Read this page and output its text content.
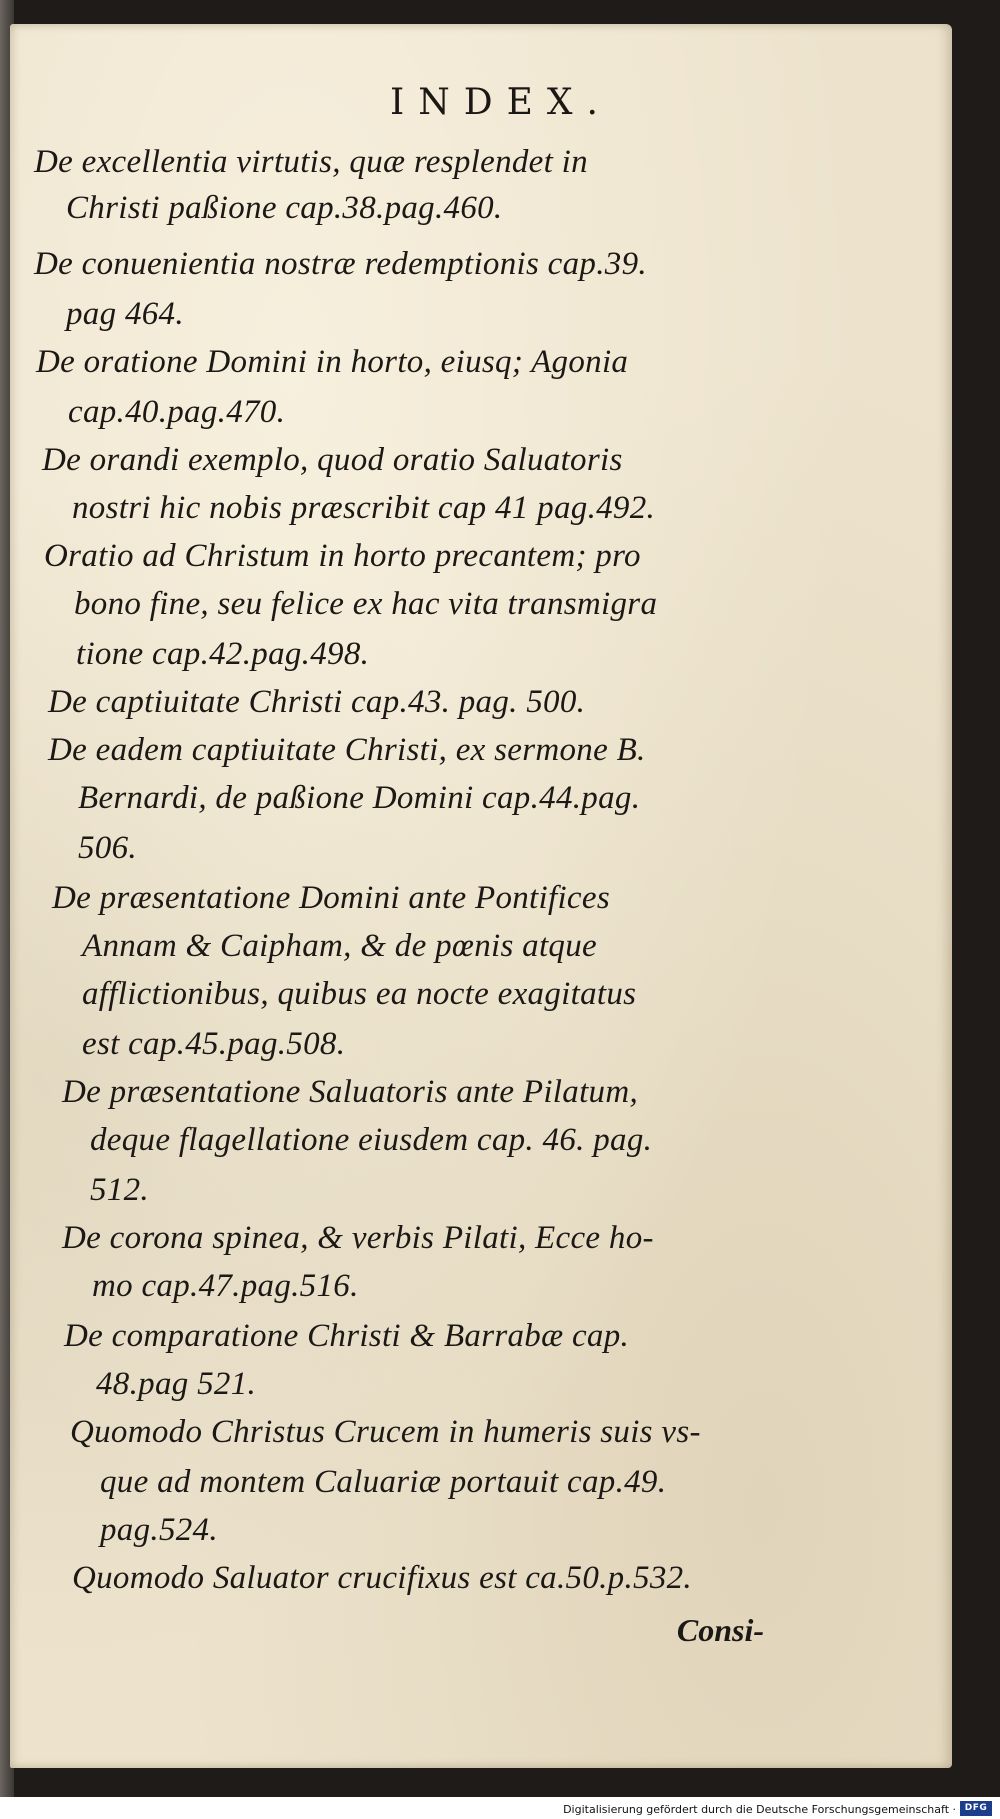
INDEX.
De excellentia virtutis, quæ resplendet in
Christi paßione cap.38.pag.460.
De conuenientia nostræ redemptionis cap.39.
pag 464.
De oratione Domini in horto, eiusq; Agonia
cap.40.pag.470.
De orandi exemplo, quod oratio Saluatoris
nostri hic nobis præscribit cap 41 pag.492.
Oratio ad Christum in horto precantem; pro
bono fine, seu felice ex hac vita transmigra
tione cap.42.pag.498.
De captiuitate Christi cap.43. pag. 500.
De eadem captiuitate Christi, ex sermone B.
Bernardi, de paßione Domini cap.44.pag.
506.
De præsentatione Domini ante Pontifices
Annam & Caipham, & de pœnis atque
afflictionibus, quibus ea nocte exagitatus
est cap.45.pag.508.
De præsentatione Saluatoris ante Pilatum,
deque flagellatione eiusdem cap. 46. pag.
512.
De corona spinea, & verbis Pilati, Ecce ho-
mo cap.47.pag.516.
De comparatione Christi & Barrabæ cap.
48.pag 521.
Quomodo Christus Crucem in humeris suis vs-
que ad montem Caluariæ portauit cap.49.
pag.524.
Quomodo Saluator crucifixus est ca.50.p.532.
Consi-
Digitalisierung gefördert durch die Deutsche Forschungsgemeinschaft · DFG
